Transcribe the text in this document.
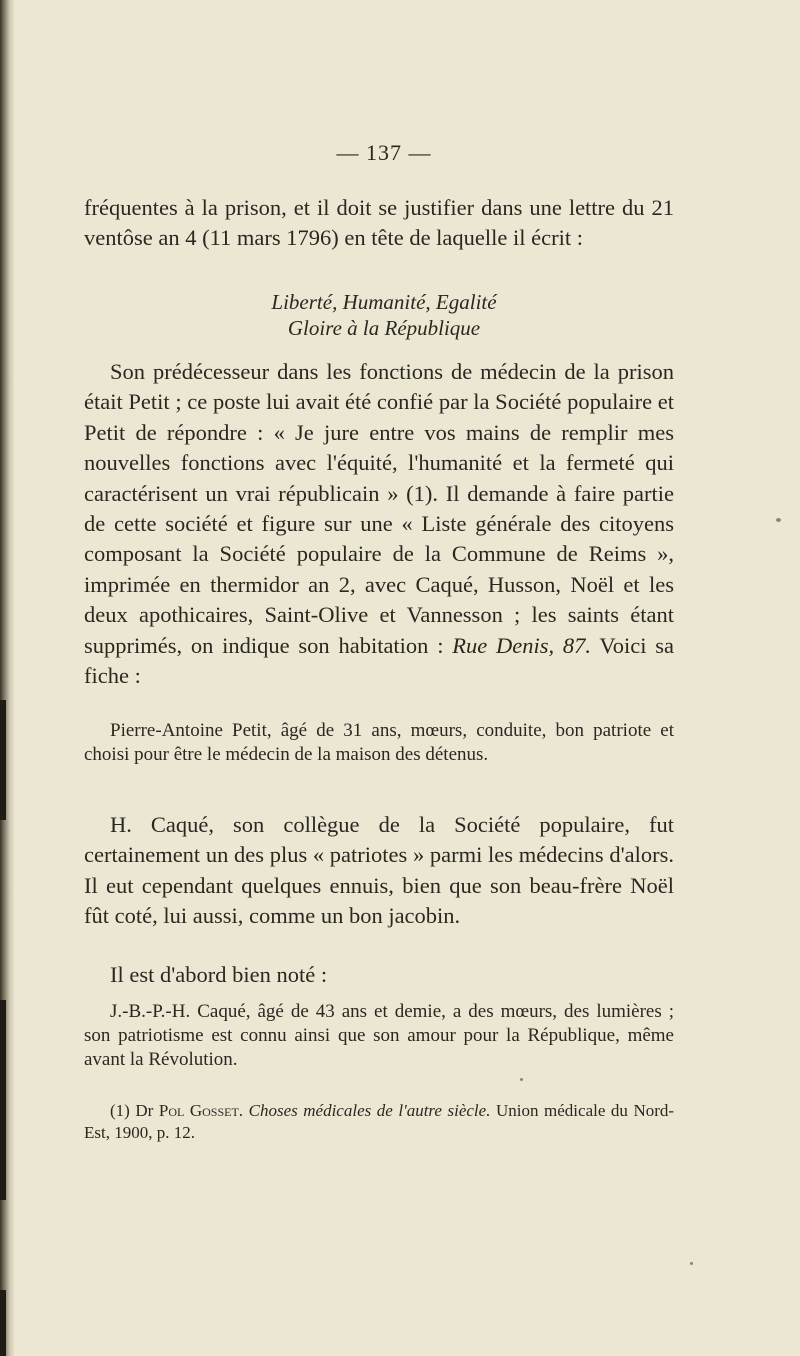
— 137 —

fréquentes à la prison, et il doit se justifier dans une lettre du 21 ventôse an 4 (11 mars 1796) en tête de laquelle il écrit :

Liberté, Humanité, Egalité
Gloire à la République

Son prédécesseur dans les fonctions de médecin de la prison était Petit ; ce poste lui avait été confié par la Société populaire et Petit de répondre : « Je jure entre vos mains de remplir mes nouvelles fonctions avec l'équité, l'humanité et la fermeté qui caractérisent un vrai républicain » (1). Il demande à faire partie de cette société et figure sur une « Liste générale des citoyens composant la Société populaire de la Commune de Reims », imprimée en thermidor an 2, avec Caqué, Husson, Noël et les deux apothicaires, Saint-Olive et Vannesson ; les saints étant supprimés, on indique son habitation : Rue Denis, 87. Voici sa fiche :

Pierre-Antoine Petit, âgé de 31 ans, mœurs, conduite, bon patriote et choisi pour être le médecin de la maison des détenus.

H. Caqué, son collègue de la Société populaire, fut certainement un des plus « patriotes » parmi les médecins d'alors. Il eut cependant quelques ennuis, bien que son beau-frère Noël fût coté, lui aussi, comme un bon jacobin.

Il est d'abord bien noté :

J.-B.-P.-H. Caqué, âgé de 43 ans et demie, a des mœurs, des lumières ; son patriotisme est connu ainsi que son amour pour la République, même avant la Révolution.

(1) Dr Pol Gosset. Choses médicales de l'autre siècle. Union médicale du Nord-Est, 1900, p. 12.
